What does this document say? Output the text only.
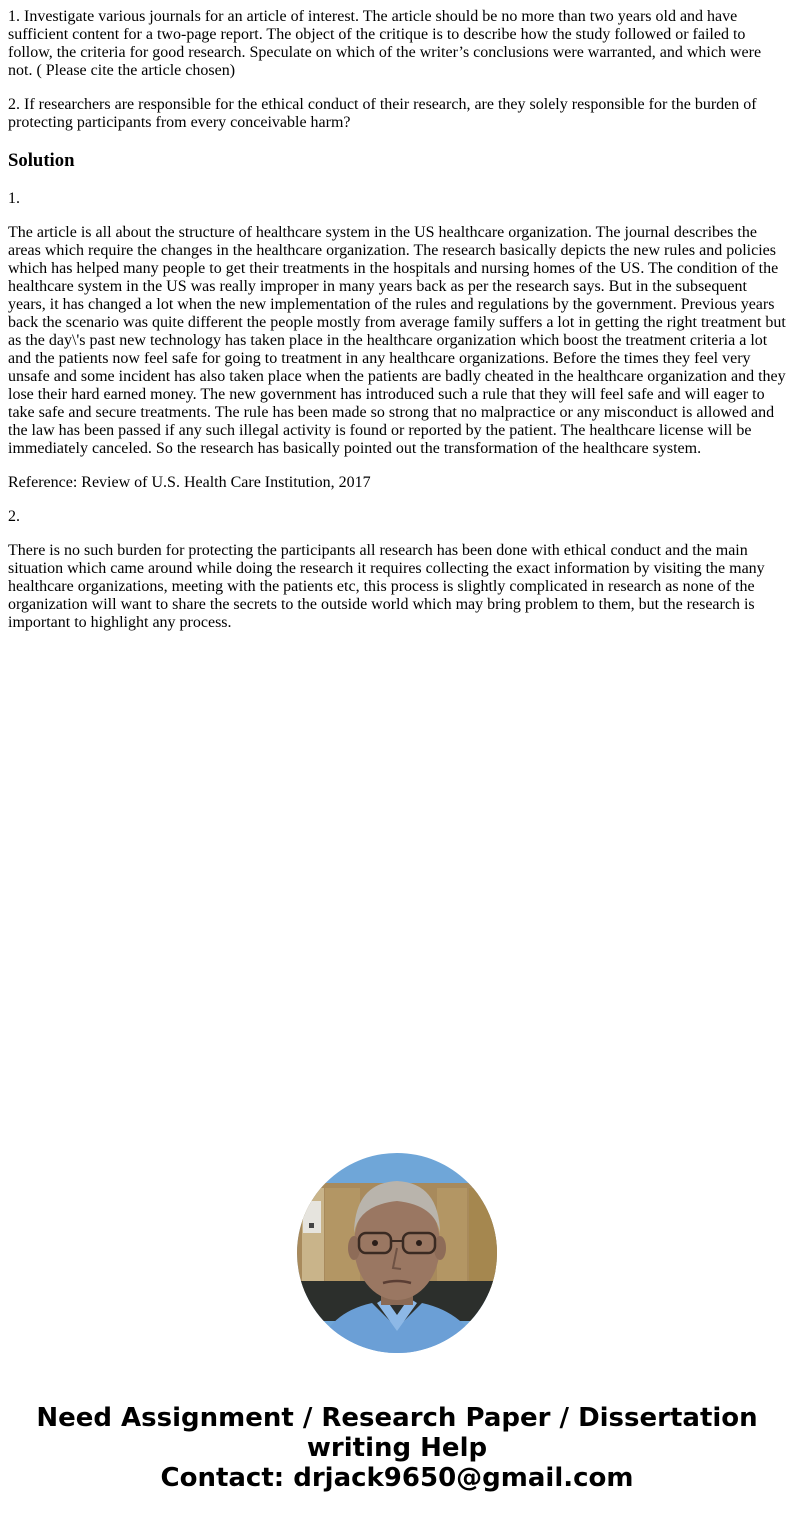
1. Investigate various journals for an article of interest. The article should be no more than two years old and have sufficient content for a two-page report. The object of the critique is to describe how the study followed or failed to follow, the criteria for good research. Speculate on which of the writer’s conclusions were warranted, and which were not. ( Please cite the article chosen)

2. If researchers are responsible for the ethical conduct of their research, are they solely responsible for the burden of protecting participants from every conceivable harm?

Solution

1.

The article is all about the structure of healthcare system in the US healthcare organization. The journal describes the areas which require the changes in the healthcare organization. The research basically depicts the new rules and policies which has helped many people to get their treatments in the hospitals and nursing homes of the US. The condition of the healthcare system in the US was really improper in many years back as per the research says. But in the subsequent years, it has changed a lot when the new implementation of the rules and regulations by the government. Previous years back the scenario was quite different the people mostly from average family suffers a lot in getting the right treatment but as the day\'s past new technology has taken place in the healthcare organization which boost the treatment criteria a lot and the patients now feel safe for going to treatment in any healthcare organizations. Before the times they feel very unsafe and some incident has also taken place when the patients are badly cheated in the healthcare organization and they lose their hard earned money. The new government has introduced such a rule that they will feel safe and will eager to take safe and secure treatments. The rule has been made so strong that no malpractice or any misconduct is allowed and the law has been passed if any such illegal activity is found or reported by the patient. The healthcare license will be immediately canceled. So the research has basically pointed out the transformation of the healthcare system.

Reference: Review of U.S. Health Care Institution, 2017

2.

There is no such burden for protecting the participants all research has been done with ethical conduct and the main situation which came around while doing the research it requires collecting the exact information by visiting the many healthcare organizations, meeting with the patients etc, this process is slightly complicated in research as none of the organization will want to share the secrets to the outside world which may bring problem to them, but the research is important to highlight any process.

Need Assignment / Research Paper / Dissertation
writing Help
Contact: drjack9650@gmail.com
